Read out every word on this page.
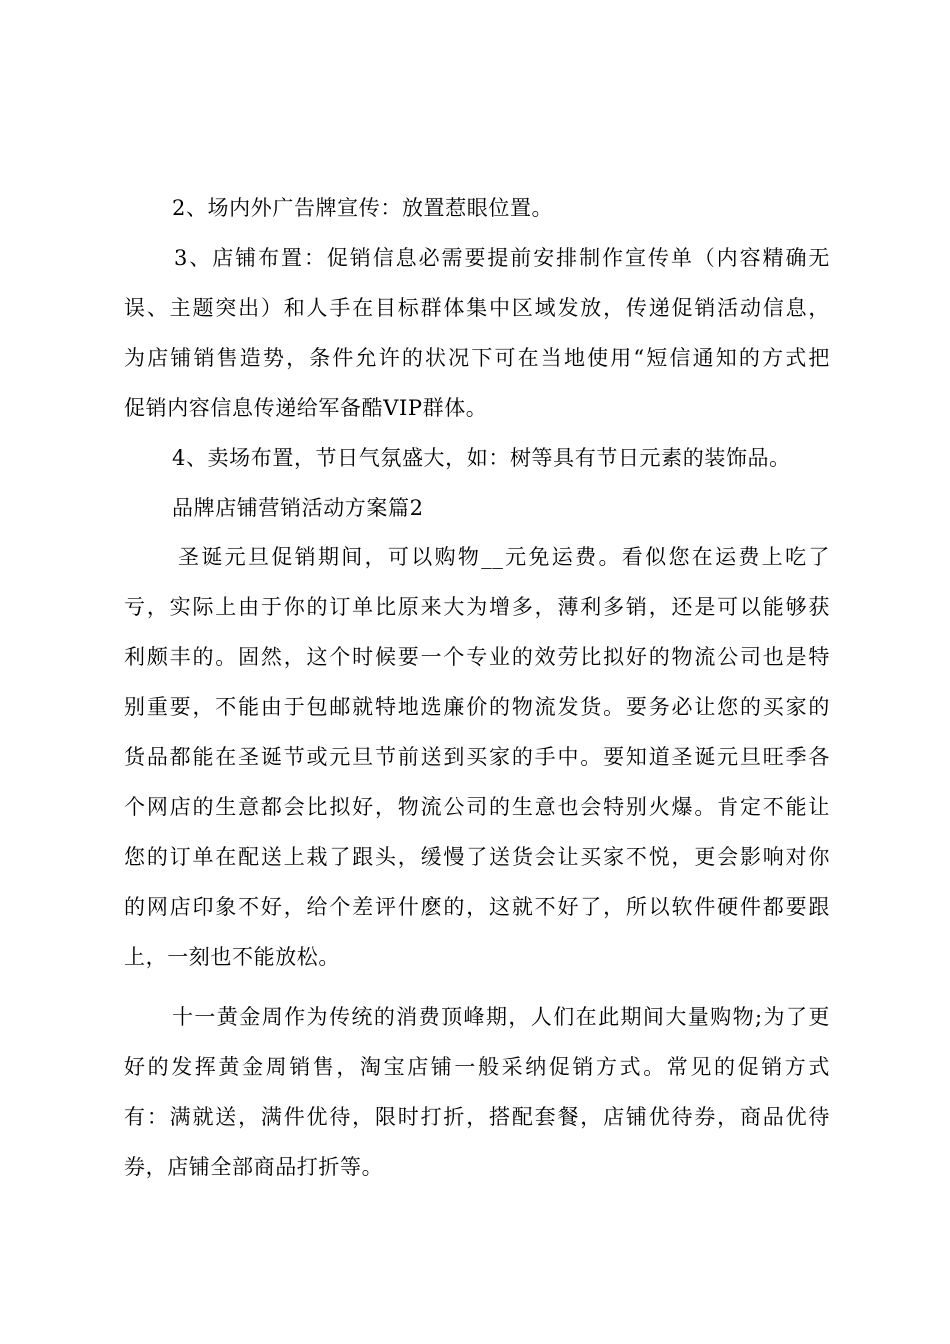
2、场内外广告牌宣传：放置惹眼位置。
3、店铺布置：促销信息必需要提前安排制作宣传单（内容精确无
误、主题突出）和人手在目标群体集中区域发放，传递促销活动信息，
为店铺销售造势，条件允许的状况下可在当地使用“短信通知的方式把
促销内容信息传递给军备酷VIP群体。
4、卖场布置，节日气氛盛大，如：树等具有节日元素的装饰品。
品牌店铺营销活动方案篇2
圣诞元旦促销期间，可以购物__元免运费。看似您在运费上吃了
亏，实际上由于你的订单比原来大为增多，薄利多销，还是可以能够获
利颇丰的。固然，这个时候要一个专业的效劳比拟好的物流公司也是特
别重要，不能由于包邮就特地选廉价的物流发货。要务必让您的买家的
货品都能在圣诞节或元旦节前送到买家的手中。要知道圣诞元旦旺季各
个网店的生意都会比拟好，物流公司的生意也会特别火爆。肯定不能让
您的订单在配送上栽了跟头，缓慢了送货会让买家不悦，更会影响对你
的网店印象不好，给个差评什麽的，这就不好了，所以软件硬件都要跟
上，一刻也不能放松。
十一黄金周作为传统的消费顶峰期，人们在此期间大量购物;为了更
好的发挥黄金周销售，淘宝店铺一般采纳促销方式。常见的促销方式
有：满就送，满件优待，限时打折，搭配套餐，店铺优待券，商品优待
券，店铺全部商品打折等。
